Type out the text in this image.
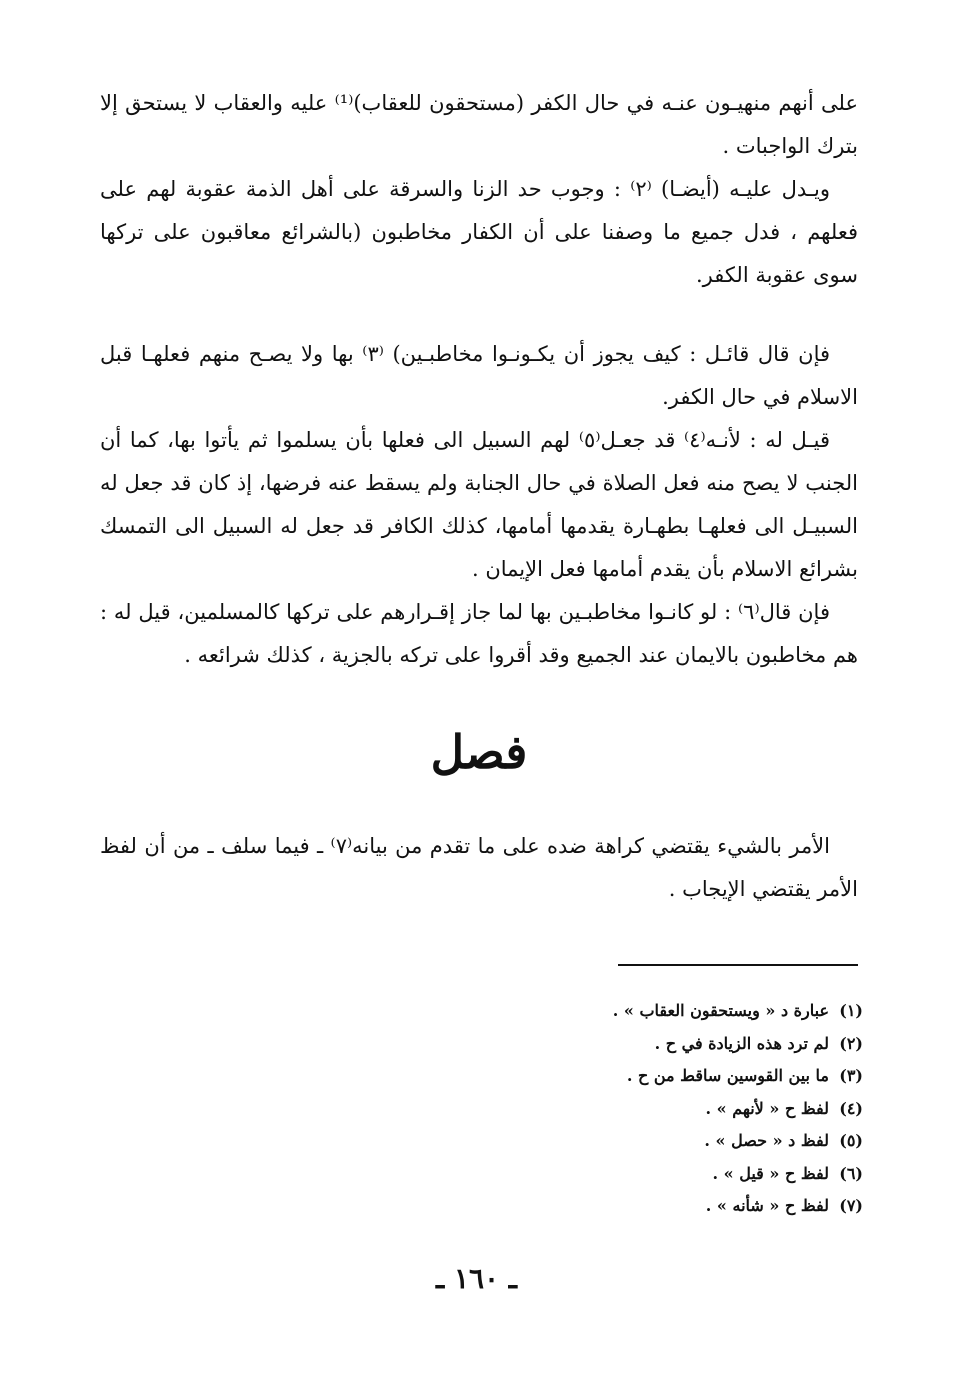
على أنهم منهيـون عنـه في حال الكفر (مستحقون للعقاب)⁽¹⁾ عليه والعقاب لا يستحق إلا بترك الواجبات .

ويـدل عليـه (أيضـا) ⁽٢⁾ : وجوب حد الزنا والسرقة على أهل الذمة عقوبة لهم على فعلهم ، فدل جميع ما وصفنا على أن الكفار مخاطبون (بالشرائع معاقبون على تركها سوى عقوبة الكفر.

فإن قال قائـل : كيف يجوز أن يكـونـوا مخاطبـين) ⁽٣⁾ بها ولا يصـح منهم فعلهـا قبل الاسلام في حال الكفر.

قيـل له : لأنـه⁽٤⁾ قد جعـل⁽٥⁾ لهم السبيل الى فعلها بأن يسلموا ثم يأتوا بها، كما أن الجنب لا يصح منه فعل الصلاة في حال الجنابة ولم يسقط عنه فرضها، إذ كان قد جعل له السبيـل الى فعلهـا بطهـارة يقدمها أمامها، كذلك الكافر قد جعل له السبيل الى التمسك بشرائع الاسلام بأن يقدم أمامها فعل الإيمان .

فإن قال⁽٦⁾ : لو كانـوا مخاطبـين بها لما جاز إقـرارهم على تركها كالمسلمين، قيل له : هم مخاطبون بالايمان عند الجميع وقد أقروا على تركه بالجزية ، كذلك شرائعه .

فصل

الأمر بالشيء يقتضي كراهة ضده على ما تقدم من بيانه⁽٧⁾ ـ فيما سلف ـ من أن لفظ الأمر يقتضي الإيجاب .

(١)
عبارة د « ويستحقون العقاب » .
(٢)
لم ترد هذه الزيادة في ح .
(٣)
ما بين القوسين ساقط من ح .
(٤)
لفظ ح « لأنهم » .
(٥)
لفظ د « حصل » .
(٦)
لفظ ح « قيل » .
(٧)
لفظ ح « شأنه » .
ـ ١٦٠ ـ
